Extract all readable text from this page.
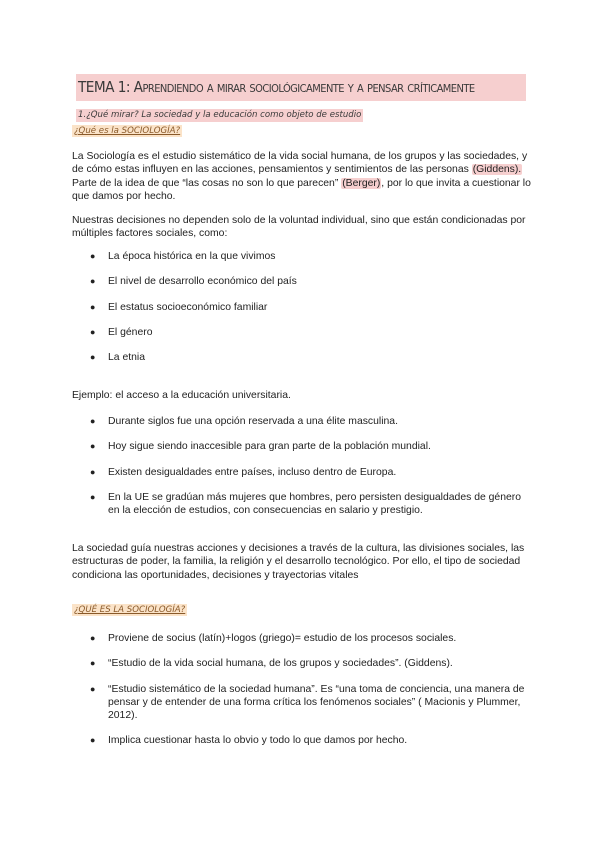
TEMA 1: Aprendiendo a mirar sociológicamente y a pensar críticamente
1.¿Qué mirar? La sociedad y la educación como objeto de estudio
¿Qué es la SOCIOLOGÍA?
La Sociología es el estudio sistemático de la vida social humana, de los grupos y las sociedades, y de cómo estas influyen en las acciones, pensamientos y sentimientos de las personas (Giddens). Parte de la idea de que “las cosas no son lo que parecen” (Berger), por lo que invita a cuestionar lo que damos por hecho.
Nuestras decisiones no dependen solo de la voluntad individual, sino que están condicionadas por múltiples factores sociales, como:
●	La época histórica en la que vivimos
●	El nivel de desarrollo económico del país
●	El estatus socioeconómico familiar
●	El género
●	La etnia
Ejemplo: el acceso a la educación universitaria.
●	Durante siglos fue una opción reservada a una élite masculina.
●	Hoy sigue siendo inaccesible para gran parte de la población mundial.
●	Existen desigualdades entre países, incluso dentro de Europa.
●	En la UE se gradúan más mujeres que hombres, pero persisten desigualdades de género en la elección de estudios, con consecuencias en salario y prestigio.
La sociedad guía nuestras acciones y decisiones a través de la cultura, las divisiones sociales, las estructuras de poder, la familia, la religión y el desarrollo tecnológico. Por ello, el tipo de sociedad condiciona las oportunidades, decisiones y trayectorias vitales
¿QUÉ ES LA SOCIOLOGÍA?
●	Proviene de socius (latín)+logos (griego)= estudio de los procesos sociales.
●	“Estudio de la vida social humana, de los grupos y sociedades”. (Giddens).
●	“Estudio sistemático de la sociedad humana”. Es “una toma de conciencia, una manera de pensar y de entender de una forma crítica los fenómenos sociales” ( Macionis y Plummer, 2012).
●	Implica cuestionar hasta lo obvio y todo lo que damos por hecho.
